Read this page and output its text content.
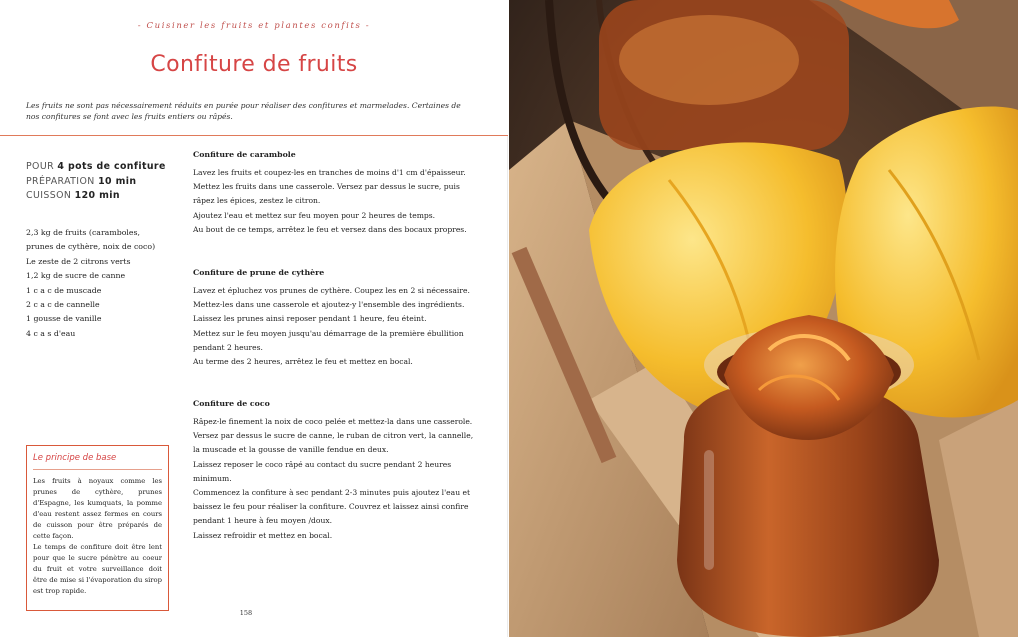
- Cuisiner les fruits et plantes confits -
Confiture de fruits

Les fruits ne sont pas nécessairement réduits en purée pour réaliser des confitures et marmelades. Certaines de nos confitures se font avec les fruits entiers ou râpés.

POUR 4 pots de confiture
PRÉPARATION 10 min
CUISSON 120 min
2,3 kg de fruits (caramboles,
prunes de cythère, noix de coco)
Le zeste de 2 citrons verts
1,2 kg de sucre de canne
1 c a c de muscade
2 c a c de cannelle
1 gousse de vanille
4 c a s d'eau
Le principe de base

Les fruits à noyaux comme les prunes de cythère, prunes d'Espagne, les kumquats, la pomme d'eau restent assez fermes en cours de cuisson pour être préparés de cette façon.

Le temps de confiture doit être lent pour que le sucre pénètre au coeur du fruit et votre surveillance doit être de mise si l'évaporation du sirop est trop rapide.

Confiture de carambole
Lavez les fruits et coupez-les en tranches de moins d'1 cm d'épaisseur.
Mettez les fruits dans une casserole. Versez par dessus le sucre, puis
râpez les épices, zestez le citron.
Ajoutez l'eau et mettez sur feu moyen pour 2 heures de temps.
Au bout de ce temps, arrêtez le feu et versez dans des bocaux propres.
Confiture de prune de cythère
Lavez et épluchez vos prunes de cythère. Coupez les en 2 si nécessaire.
Mettez-les dans une casserole et ajoutez-y l'ensemble des ingrédients.
Laissez les prunes ainsi reposer pendant 1 heure, feu éteint.
Mettez sur le feu moyen jusqu'au démarrage de la première ébullition
pendant 2 heures.
Au terme des 2 heures, arrêtez le feu et mettez en bocal.
Confiture de coco
Râpez-le finement la noix de coco pelée et mettez-la dans une casserole.
Versez par dessus le sucre de canne, le ruban de citron vert, la cannelle,
la muscade et la gousse de vanille fendue en deux.
Laissez reposer le coco râpé au contact du sucre pendant 2 heures
minimum.
Commencez la confiture à sec pendant 2-3 minutes puis ajoutez l'eau et
baissez le feu pour réaliser la confiture. Couvrez et laissez ainsi confire
pendant 1 heure à feu moyen /doux.
Laissez refroidir et mettez en bocal.
158
